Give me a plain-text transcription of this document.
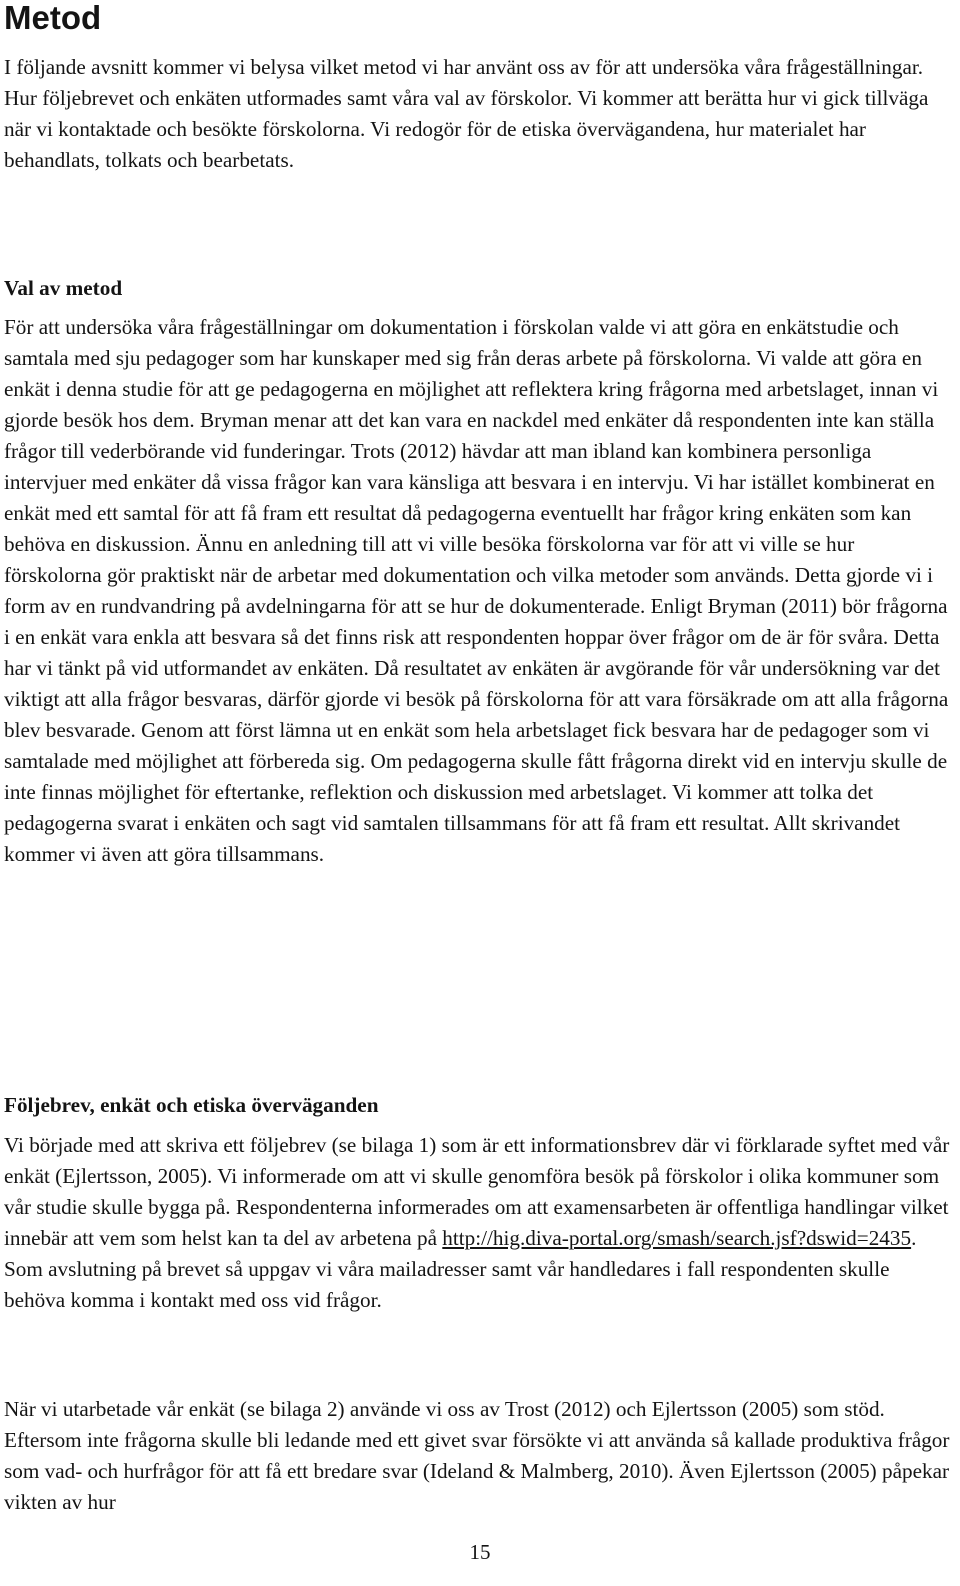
Metod

I följande avsnitt kommer vi belysa vilket metod vi har använt oss av för att undersöka våra frågeställningar. Hur följebrevet och enkäten utformades samt våra val av förskolor. Vi kommer att berätta hur vi gick tillväga när vi kontaktade och besökte förskolorna. Vi redogör för de etiska övervägandena, hur materialet har behandlats, tolkats och bearbetats.

Val av metod

För att undersöka våra frågeställningar om dokumentation i förskolan valde vi att göra en enkätstudie och samtala med sju pedagoger som har kunskaper med sig från deras arbete på förskolorna. Vi valde att göra en enkät i denna studie för att ge pedagogerna en möjlighet att reflektera kring frågorna med arbetslaget, innan vi gjorde besök hos dem. Bryman menar att det kan vara en nackdel med enkäter då respondenten inte kan ställa frågor till vederbörande vid funderingar. Trots (2012) hävdar att man ibland kan kombinera personliga intervjuer med enkäter då vissa frågor kan vara känsliga att besvara i en intervju. Vi har istället kombinerat en enkät med ett samtal för att få fram ett resultat då pedagogerna eventuellt har frågor kring enkäten som kan behöva en diskussion. Ännu en anledning till att vi ville besöka förskolorna var för att vi ville se hur förskolorna gör praktiskt när de arbetar med dokumentation och vilka metoder som används. Detta gjorde vi i form av en rundvandring på avdelningarna för att se hur de dokumenterade. Enligt Bryman (2011) bör frågorna i en enkät vara enkla att besvara så det finns risk att respondenten hoppar över frågor om de är för svåra. Detta har vi tänkt på vid utformandet av enkäten. Då resultatet av enkäten är avgörande för vår undersökning var det viktigt att alla frågor besvaras, därför gjorde vi besök på förskolorna för att vara försäkrade om att alla frågorna blev besvarade. Genom att först lämna ut en enkät som hela arbetslaget fick besvara har de pedagoger som vi samtalade med möjlighet att förbereda sig. Om pedagogerna skulle fått frågorna direkt vid en intervju skulle de inte finnas möjlighet för eftertanke, reflektion och diskussion med arbetslaget. Vi kommer att tolka det pedagogerna svarat i enkäten och sagt vid samtalen tillsammans för att få fram ett resultat. Allt skrivandet kommer vi även att göra tillsammans.

Följebrev, enkät och etiska överväganden

Vi började med att skriva ett följebrev (se bilaga 1) som är ett informationsbrev där vi förklarade syftet med vår enkät (Ejlertsson, 2005). Vi informerade om att vi skulle genomföra besök på förskolor i olika kommuner som vår studie skulle bygga på. Respondenterna informerades om att examensarbeten är offentliga handlingar vilket innebär att vem som helst kan ta del av arbetena på http://hig.diva-portal.org/smash/search.jsf?dswid=2435. Som avslutning på brevet så uppgav vi våra mailadresser samt vår handledares i fall respondenten skulle behöva komma i kontakt med oss vid frågor.

När vi utarbetade vår enkät (se bilaga 2) använde vi oss av Trost (2012) och Ejlertsson (2005) som stöd. Eftersom inte frågorna skulle bli ledande med ett givet svar försökte vi att använda så kallade produktiva frågor som vad- och hurfrågor för att få ett bredare svar (Ideland & Malmberg, 2010). Även Ejlertsson (2005) påpekar vikten av hur

15
